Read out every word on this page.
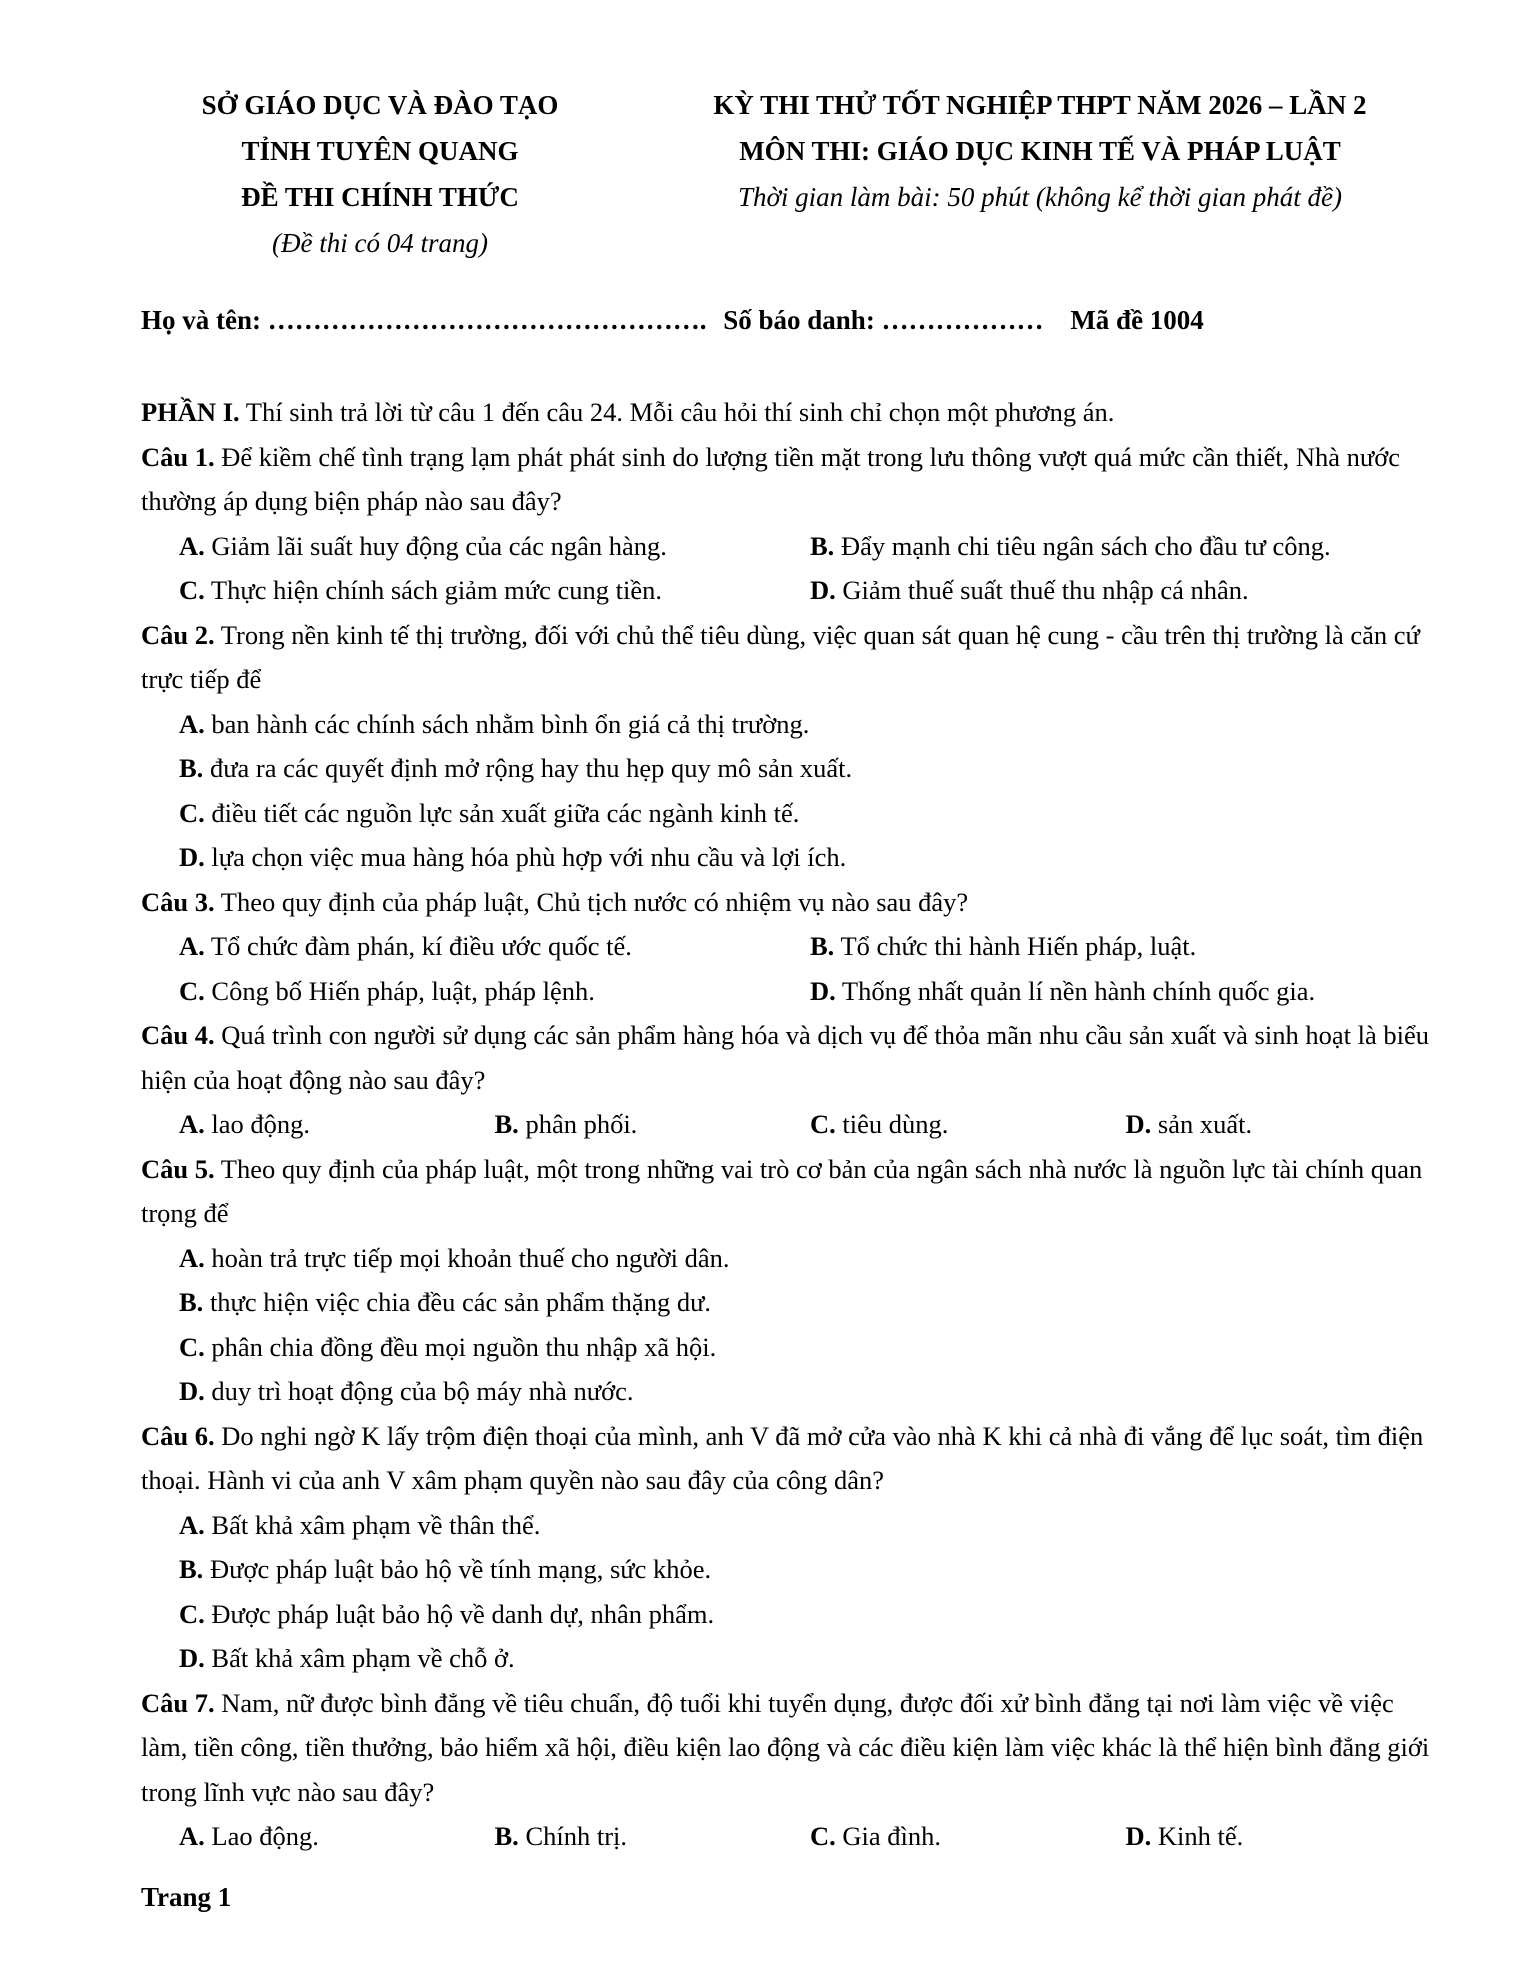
SỞ GIÁO DỤC VÀ ĐÀO TẠO
TỈNH TUYÊN QUANG
ĐỀ THI CHÍNH THỨC
(Đề thi có 04 trang)
KỲ THI THỬ TỐT NGHIỆP THPT NĂM 2026 – LẦN 2
MÔN THI: GIÁO DỤC KINH TẾ VÀ PHÁP LUẬT
Thời gian làm bài: 50 phút (không kể thời gian phát đề)
Họ và tên: …………………………………………. Số báo danh: ……………… Mã đề 1004
PHẦN I. Thí sinh trả lời từ câu 1 đến câu 24. Mỗi câu hỏi thí sinh chỉ chọn một phương án.
Câu 1. Để kiềm chế tình trạng lạm phát phát sinh do lượng tiền mặt trong lưu thông vượt quá mức cần thiết, Nhà nước thường áp dụng biện pháp nào sau đây?
A. Giảm lãi suất huy động của các ngân hàng.	B. Đẩy mạnh chi tiêu ngân sách cho đầu tư công.
C. Thực hiện chính sách giảm mức cung tiền.	D. Giảm thuế suất thuế thu nhập cá nhân.
Câu 2. Trong nền kinh tế thị trường, đối với chủ thể tiêu dùng, việc quan sát quan hệ cung - cầu trên thị trường là căn cứ trực tiếp để
A. ban hành các chính sách nhằm bình ổn giá cả thị trường.
B. đưa ra các quyết định mở rộng hay thu hẹp quy mô sản xuất.
C. điều tiết các nguồn lực sản xuất giữa các ngành kinh tế.
D. lựa chọn việc mua hàng hóa phù hợp với nhu cầu và lợi ích.
Câu 3. Theo quy định của pháp luật, Chủ tịch nước có nhiệm vụ nào sau đây?
A. Tổ chức đàm phán, kí điều ước quốc tế.	B. Tổ chức thi hành Hiến pháp, luật.
C. Công bố Hiến pháp, luật, pháp lệnh.	D. Thống nhất quản lí nền hành chính quốc gia.
Câu 4. Quá trình con người sử dụng các sản phẩm hàng hóa và dịch vụ để thỏa mãn nhu cầu sản xuất và sinh hoạt là biểu hiện của hoạt động nào sau đây?
A. lao động.	B. phân phối.	C. tiêu dùng.	D. sản xuất.
Câu 5. Theo quy định của pháp luật, một trong những vai trò cơ bản của ngân sách nhà nước là nguồn lực tài chính quan trọng để
A. hoàn trả trực tiếp mọi khoản thuế cho người dân.
B. thực hiện việc chia đều các sản phẩm thặng dư.
C. phân chia đồng đều mọi nguồn thu nhập xã hội.
D. duy trì hoạt động của bộ máy nhà nước.
Câu 6. Do nghi ngờ K lấy trộm điện thoại của mình, anh V đã mở cửa vào nhà K khi cả nhà đi vắng để lục soát, tìm điện thoại. Hành vi của anh V xâm phạm quyền nào sau đây của công dân?
A. Bất khả xâm phạm về thân thể.
B. Được pháp luật bảo hộ về tính mạng, sức khỏe.
C. Được pháp luật bảo hộ về danh dự, nhân phẩm.
D. Bất khả xâm phạm về chỗ ở.
Câu 7. Nam, nữ được bình đẳng về tiêu chuẩn, độ tuổi khi tuyển dụng, được đối xử bình đẳng tại nơi làm việc về việc làm, tiền công, tiền thưởng, bảo hiểm xã hội, điều kiện lao động và các điều kiện làm việc khác là thể hiện bình đẳng giới trong lĩnh vực nào sau đây?
A. Lao động.	B. Chính trị.	C. Gia đình.	D. Kinh tế.
Trang 1
